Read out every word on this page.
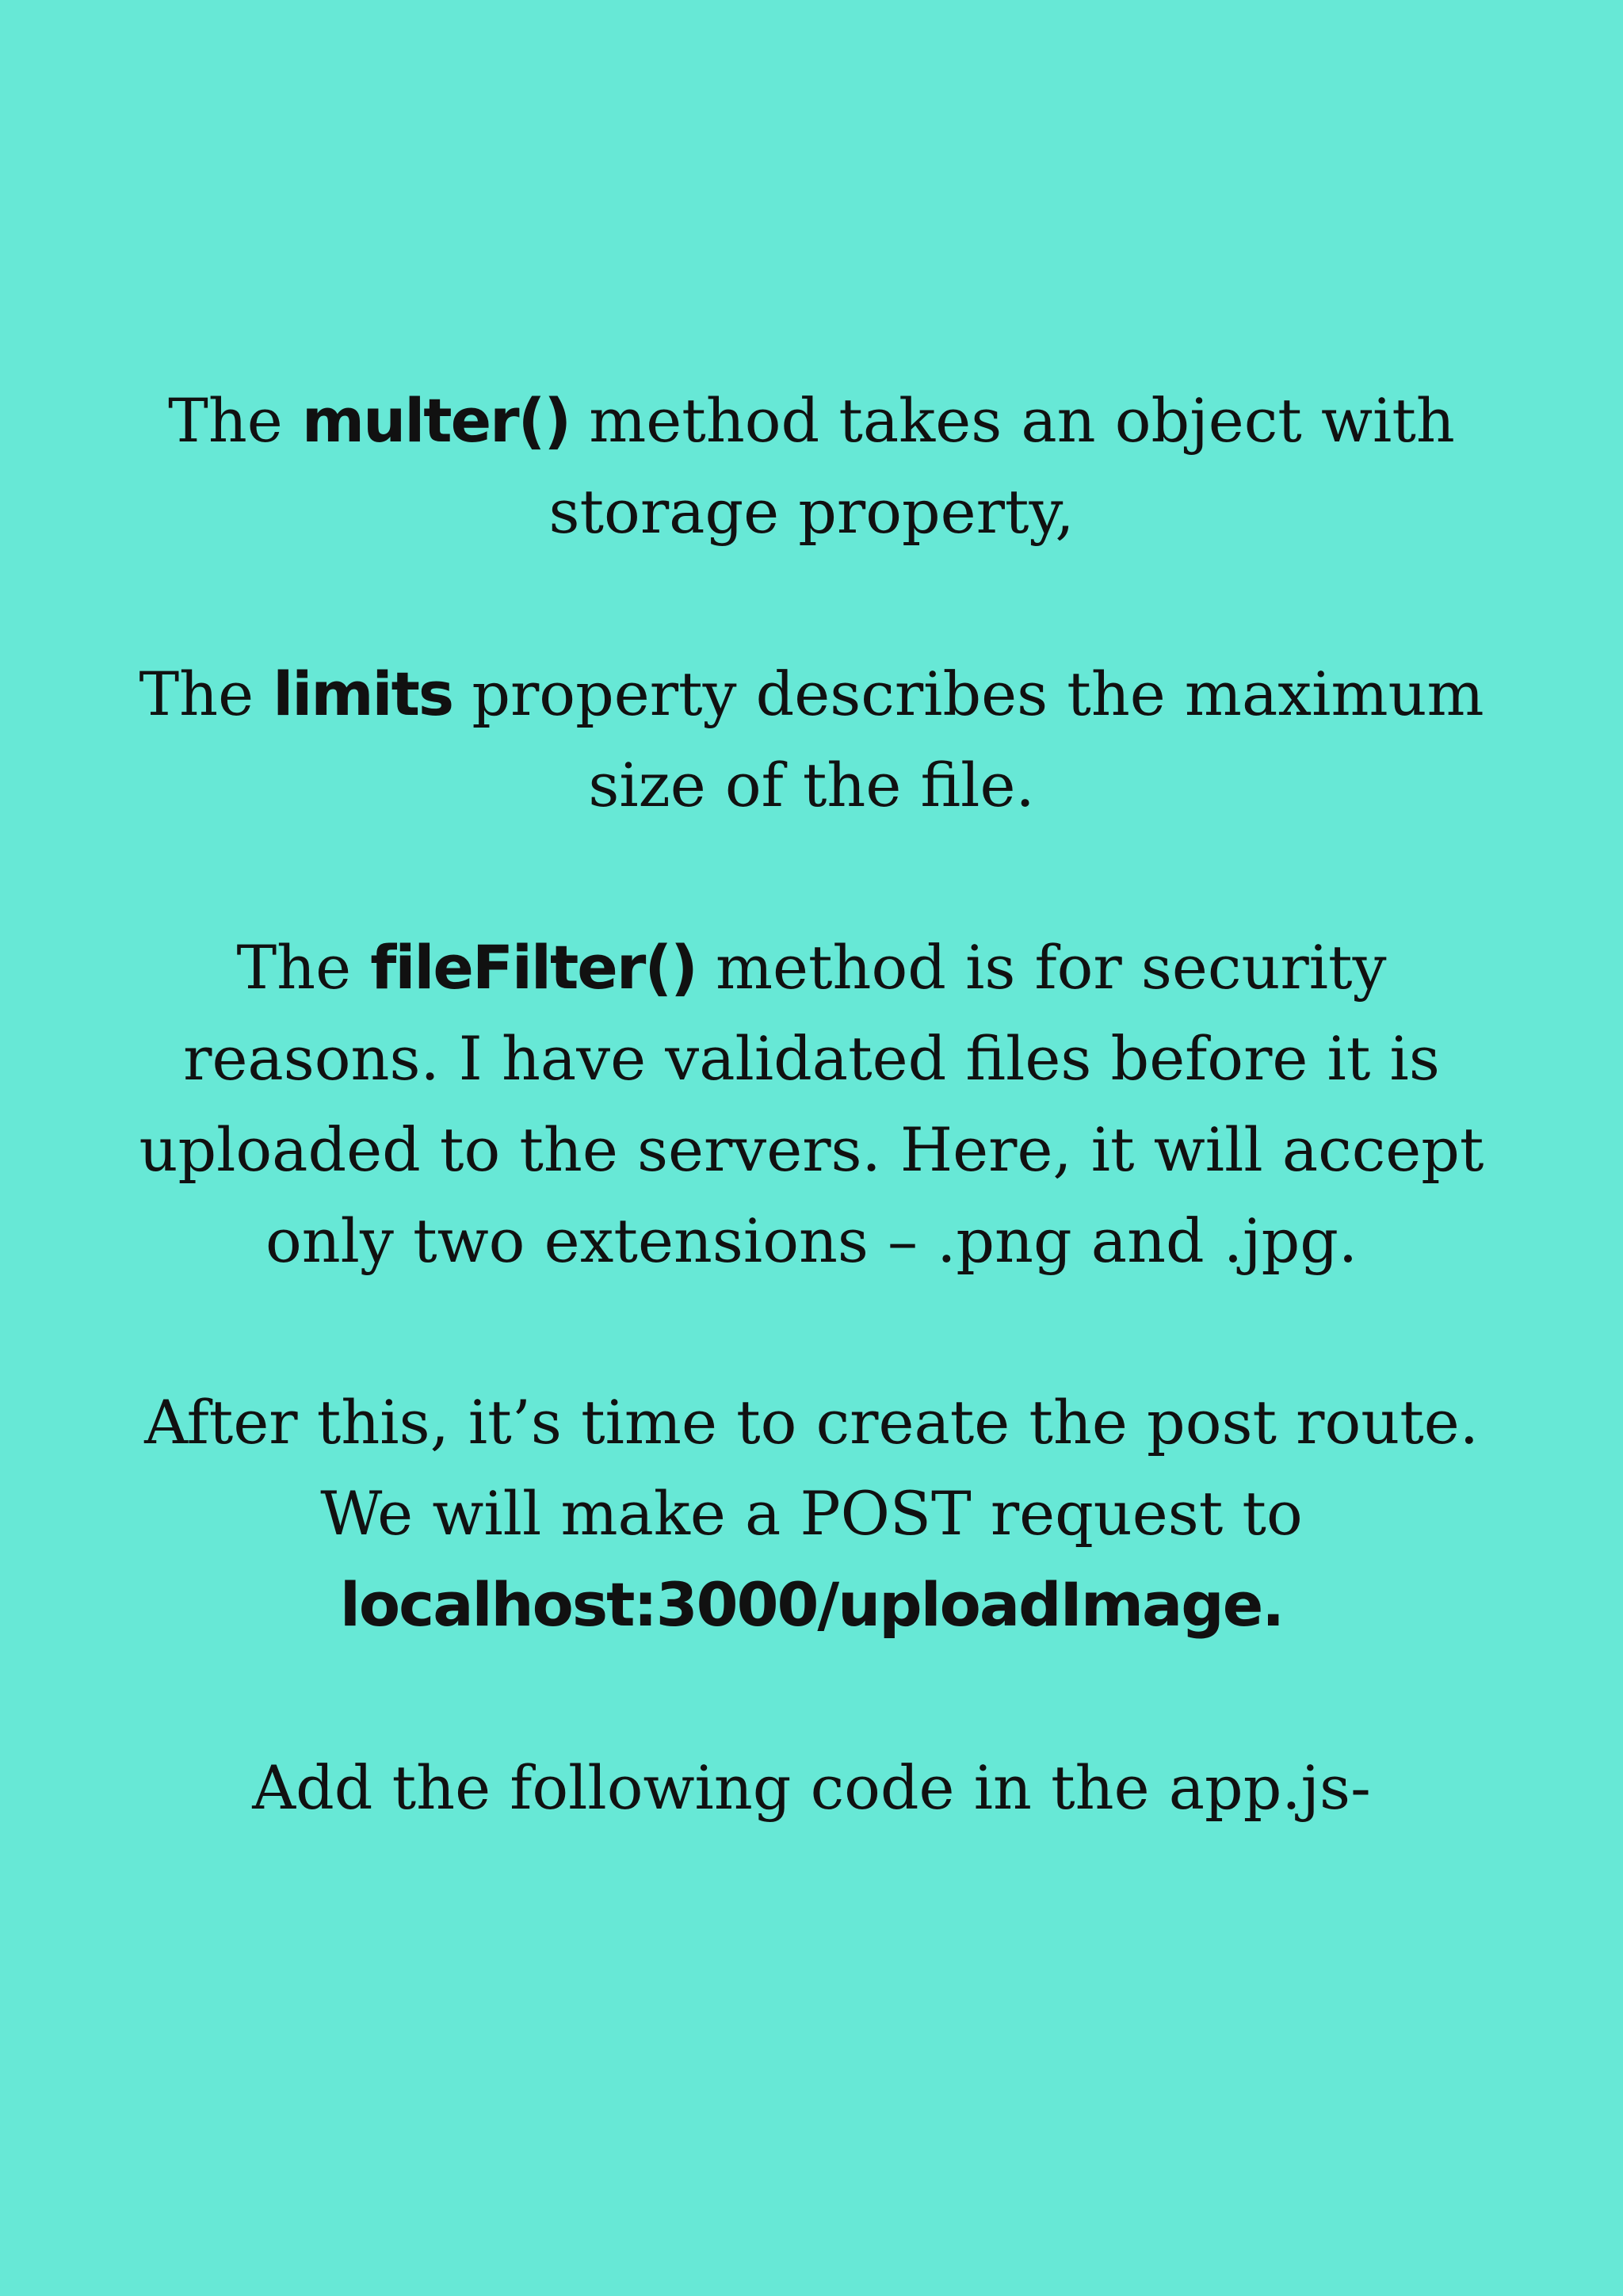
The multer() method takes an object with
storage property,
The limits property describes the maximum
size of the file.
The fileFilter() method is for security
reasons. I have validated files before it is
uploaded to the servers. Here, it will accept
only two extensions – .png and .jpg.
After this, it’s time to create the post route.
We will make a POST request to
localhost:3000/uploadImage.
Add the following code in the app.js-
